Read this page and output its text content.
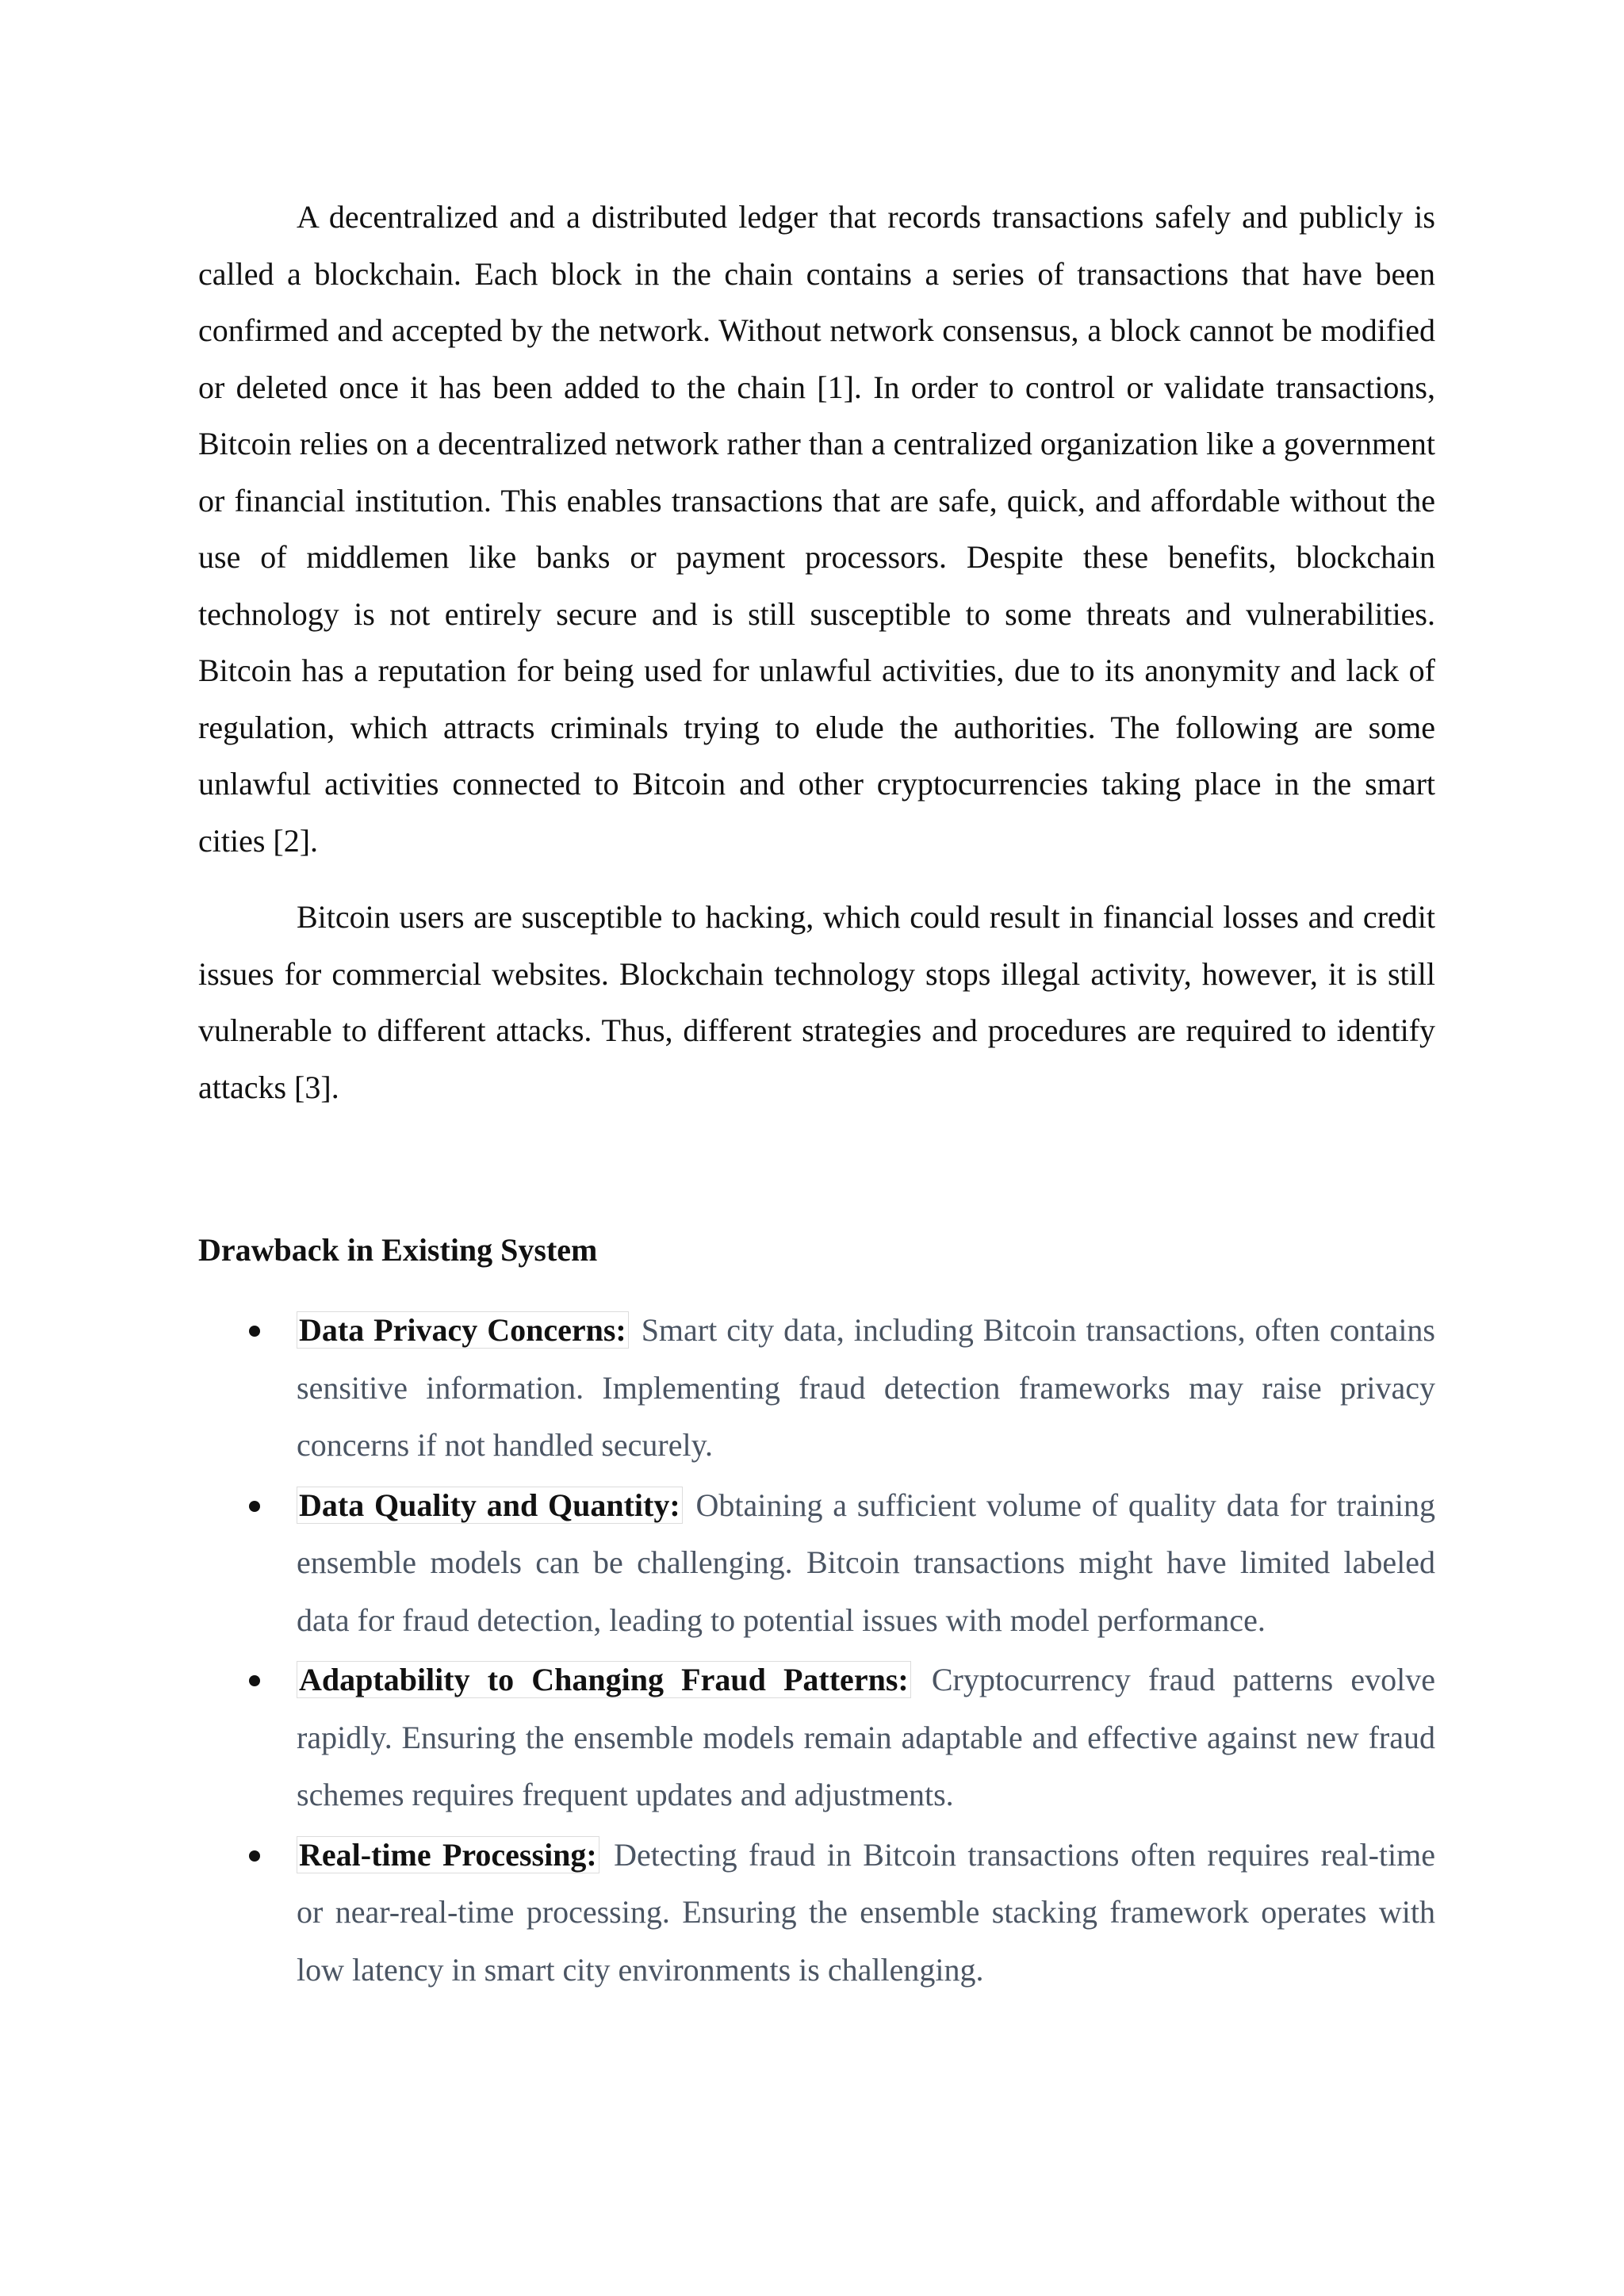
A decentralized and a distributed ledger that records transactions safely and publicly is called a blockchain. Each block in the chain contains a series of transactions that have been confirmed and accepted by the network. Without network consensus, a block cannot be modified or deleted once it has been added to the chain [1]. In order to control or validate transactions, Bitcoin relies on a decentralized network rather than a centralized organization like a government or financial institution. This enables transactions that are safe, quick, and affordable without the use of middlemen like banks or payment processors. Despite these benefits, blockchain technology is not entirely secure and is still susceptible to some threats and vulnerabilities. Bitcoin has a reputation for being used for unlawful activities, due to its anonymity and lack of regulation, which attracts criminals trying to elude the authorities. The following are some unlawful activities connected to Bitcoin and other cryptocurrencies taking place in the smart cities [2].

Bitcoin users are susceptible to hacking, which could result in financial losses and credit issues for commercial websites. Blockchain technology stops illegal activity, however, it is still vulnerable to different attacks. Thus, different strategies and procedures are required to identify attacks [3].

Drawback in Existing System
Data Privacy Concerns: Smart city data, including Bitcoin transactions, often contains sensitive information. Implementing fraud detection frameworks may raise privacy concerns if not handled securely.
Data Quality and Quantity: Obtaining a sufficient volume of quality data for training ensemble models can be challenging. Bitcoin transactions might have limited labeled data for fraud detection, leading to potential issues with model performance.
Adaptability to Changing Fraud Patterns: Cryptocurrency fraud patterns evolve rapidly. Ensuring the ensemble models remain adaptable and effective against new fraud schemes requires frequent updates and adjustments.
Real-time Processing: Detecting fraud in Bitcoin transactions often requires real-time or near-real-time processing. Ensuring the ensemble stacking framework operates with low latency in smart city environments is challenging.
